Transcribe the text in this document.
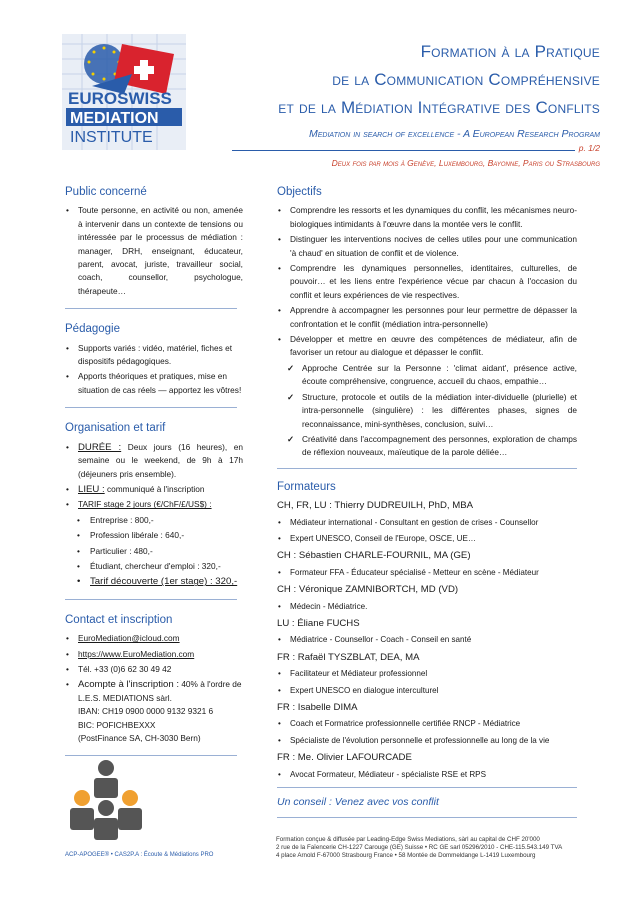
EUROSWISS
MEDIATION
INSTITUTE
Formation à la Pratique
de la Communication Compréhensive
et de la Médiation Intégrative des Conflits
Mediation in search of excellence - A European Research Program
p. 1/2
Deux fois par mois à Genève, Luxembourg, Bayonne, Paris ou Strasbourg
Public concerné
• Toute personne, en activité ou non, amenée à intervenir dans un contexte de tensions ou intéressée par le processus de médiation : manager, DRH, enseignant, éducateur, parent, avocat, juriste, travailleur social, coach, counsellor, psychologue, thérapeute…
Pédagogie
• Supports variés : vidéo, matériel, fiches et dispositifs pédagogiques.
• Apports théoriques et pratiques, mise en situation de cas réels — apportez les vôtres!
Organisation et tarif
• DURÉE : Deux jours (16 heures), en semaine ou le weekend, de 9h à 17h (déjeuners pris ensemble).
• LIEU : communiqué à l'inscription
• TARIF stage 2 jours (€/ChF/£/US$) :
• Entreprise : 800,-
• Profession libérale : 640,-
• Particulier : 480,-
• Étudiant, chercheur d'emploi : 320,-
• Tarif découverte (1er stage) : 320,-
Contact et inscription
• EuroMediation@icloud.com
• https://www.EuroMediation.com
• Tél. +33 (0)6 62 30 49 42
• Acompte à l'inscription : 40% à l'ordre de L.E.S. MEDIATIONS sàrl.
IBAN: CH19 0900 0000 9132 9321 6
BIC: POFICHBEXXX
(PostFinance SA, CH-3030 Bern)
ACP-APOGEE® • CAS2P.A : Écoute & Médiations PRO
Objectifs
• Comprendre les ressorts et les dynamiques du conflit, les mécanismes neuro-biologiques intimidants à l'œuvre dans la montée vers le conflit.
• Distinguer les interventions nocives de celles utiles pour une communication 'à chaud' en situation de conflit et de violence.
• Comprendre les dynamiques personnelles, identitaires, culturelles, de pouvoir… et les liens entre l'expérience vécue par chacun à l'occasion du conflit et leurs expériences de vie respectives.
• Apprendre à accompagner les personnes pour leur permettre de dépasser la confrontation et le conflit (médiation intra-personnelle)
• Développer et mettre en œuvre des compétences de médiateur, afin de favoriser un retour au dialogue et dépasser le conflit.
✓ Approche Centrée sur la Personne : 'climat aidant', présence active, écoute compréhensive, congruence, accueil du chaos, empathie…
✓ Structure, protocole et outils de la médiation inter-dividuelle (plurielle) et intra-personnelle (singulière) : les différentes phases, signes de reconnaissance, mini-synthèses, conclusion, suivi…
✓ Créativité dans l'accompagnement des personnes, exploration de champs de réflexion nouveaux, maïeutique de la parole déliée…
Formateurs
CH, FR, LU : Thierry DUDREUILH, PhD, MBA
• Médiateur international - Consultant en gestion de crises - Counsellor
• Expert UNESCO, Conseil de l'Europe, OSCE, UE…
CH : Sébastien CHARLE-FOURNIL, MA (GE)
• Formateur FFA - Éducateur spécialisé - Metteur en scène - Médiateur
CH : Véronique ZAMNIBORTCH, MD (VD)
• Médecin - Médiatrice.
LU : Éliane FUCHS
• Médiatrice - Counsellor - Coach - Conseil en santé
FR : Rafaël TYSZBLAT, DEA, MA
• Facilitateur et Médiateur professionnel
• Expert UNESCO en dialogue interculturel
FR : Isabelle DIMA
• Coach et Formatrice professionnelle certifiée RNCP - Médiatrice
• Spécialiste de l'évolution personnelle et professionnelle au long de la vie
FR : Me. Olivier LAFOURCADE
• Avocat Formateur, Médiateur - spécialiste RSE et RPS
Un conseil : Venez avec vos conflit
Formation conçue & diffusée par Leading-Edge Swiss Mediations, sàrl au capital de CHF 20'000
2 rue de la Faïencerie CH-1227 Carouge (GE) Suisse • RC GE sarl 05296/2010 - CHE-115.543.149 TVA
4 place Arnold F-67000 Strasbourg France • 58 Montée de Dommeldange L-1419 Luxembourg
